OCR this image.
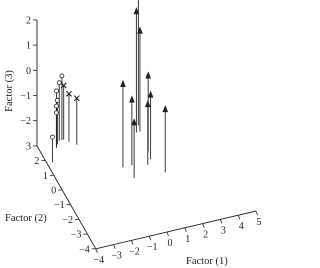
−4 −3 −2 −1 0 1 2 3 4 5
−4
−3
−2
−1
0
1
2
3
−2
−1
0
1
2
Factor (3)
Factor (2)
Factor (1)
